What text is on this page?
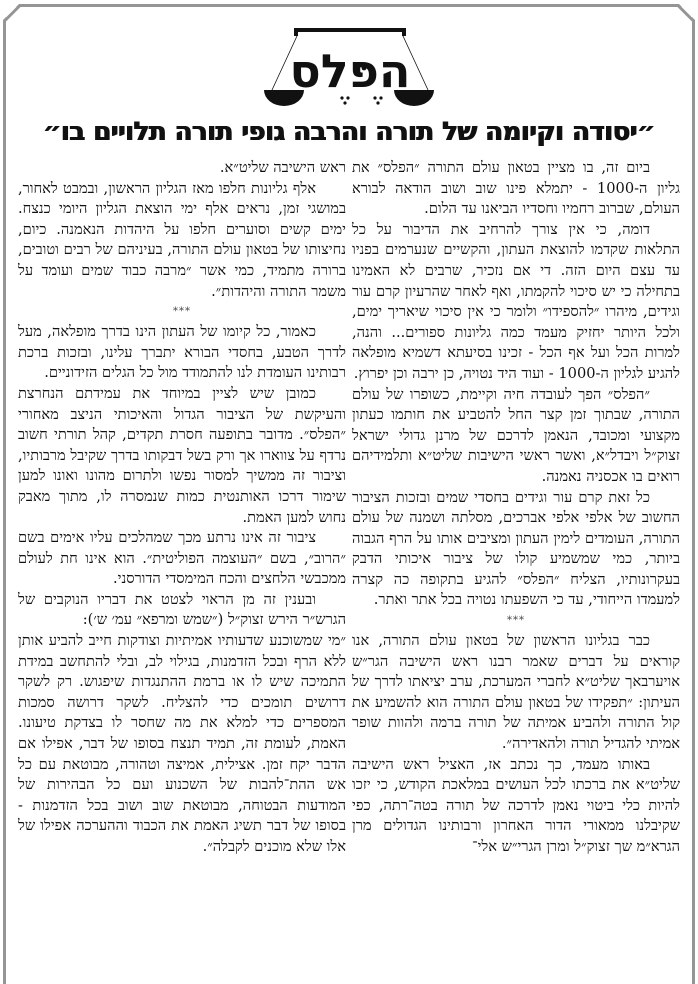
הפלס
״יסודה וקיומה של תורה והרבה גופי תורה תלויים בו״

ביום זה, בו מציין בטאון עולם התורה ״הפלס״ את גליון ה-1000 - יתמלא פינו שוב ושוב הודאה לבורא העולם, שברוב רחמיו וחסדיו הביאנו עד הלום.

דומה, כי אין צורך להרחיב את הדיבור על כל התלאות שקדמו להוצאת העתון, והקשיים שנערמים בפניו עד עצם היום הזה. די אם נזכיר, שרבים לא האמינו בתחילה כי יש סיכוי להקמתו, ואף לאחר שהרעיון קרם עור וגידים, מיהרו ״להספידו״ ולומר כי אין סיכוי שיאריך ימים, ולכל היותר יחזיק מעמד כמה גליונות ספורים... והנה, למרות הכל ועל אף הכל - זכינו בסיעתא דשמיא מופלאה להגיע לגליון ה-1000 - ועוד היד נטויה, כן ירבה וכן יפרוץ.

״הפלס״ הפך לעובדה חיה וקיימת, כשופרו של עולם התורה, שבתוך זמן קצר החל להטביע את חותמו כעתון מקצועי ומכובד, הנאמן לדרכם של מרנן גדולי ישראל זצוק״ל ויבדל״א, ואשר ראשי הישיבות שליט״א ותלמידיהם רואים בו אכסניה נאמנה.

כל זאת קרם עור וגידים בחסדי שמים ובזכות הציבור החשוב של אלפי אלפי אברכים, מסלתה ושמנה של עולם התורה, העומדים לימין העתון ומציבים אותו על הרף הגבוה ביותר, כמי שמשמיע קולו של ציבור איכותי הדבק בעקרונותיו, הצליח ״הפלס״ להגיע בתקופה כה קצרה למעמדו הייחודי, עד כי השפעתו נטויה בכל אתר ואתר.

***

כבר בגליונו הראשון של בטאון עולם התורה, אנו קוראים על דברים שאמר רבנו ראש הישיבה הגר״ש אויערבאך שליט״א לחברי המערכת, ערב יציאתו לדרך של העיתון: ״תפקידו של בטאון עולם התורה הוא להשמיע את קול התורה ולהביע אמיתה של תורה ברמה ולהוות שופר אמיתי להגדיל תורה ולהאדירה״.

באותו מעמד, כך נכתב אז, האציל ראש הישיבה שליט״א את ברכתו לכל העושים במלאכת הקודש, כי יזכו להיות כלי ביטוי נאמן לדרכה של תורה בטה־רתה, כפי שקיבלנו ממאורי הדור האחרון ורבותינו הגדולים מרן הגרא״מ שך זצוק״ל ומרן הגרי״ש אלי־

ראש הישיבה שליט״א.

אלף גליונות חלפו מאז הגליון הראשון, ובמבט לאחור, במושגי זמן, נראים אלף ימי הוצאת הגליון היומי כנצח. ימים קשים וסוערים חלפו על היהדות הנאמנה. כיום, נחיצותו של בטאון עולם התורה, בעיניהם של רבים וטובים, ברורה מתמיד, כמי אשר ״מרבה כבוד שמים ועומד על משמר התורה והיהדות״.

***

כאמור, כל קיומו של העתון הינו בדרך מופלאה, מעל לדרך הטבע, בחסדי הבורא יתברך עלינו, ובזכות ברכת רבותינו העומדת לנו להתמודד מול כל הגלים הזידוניים.

כמובן שיש לציין במיוחד את עמידתם הנחרצת והעיקשת של הציבור הגדול והאיכותי הניצב מאחורי ״הפלס״. מדובר בתופעה חסרת תקדים, קהל תורתי חשוב נרדף על צווארו אך ורק בשל דבקותו בדרך שקיבל מרבותיו, וציבור זה ממשיך למסור נפשו ולתרום מהונו ואונו למען שימור דרכו האותנטית כמות שנמסרה לו, מתוך מאבק נחוש למען האמת.

ציבור זה אינו נרתע מכך שמהלכים עליו אימים בשם ״הרוב״, בשם ״העוצמה הפוליטית״. הוא אינו חת לעולם ממכבשי הלחצים והכח המימסדי הדורסני.

ובענין זה מן הראוי לצטט את דבריו הנוקבים של הגרש״ר הירש זצוק״ל (״שמש ומרפא״ עמ׳ ש׳):

״מי שמשוכנע שדעותיו אמיתיות וצודקות חייב להביע אותן ללא הרף ובכל הזדמנות, בגילוי לב, ובלי להתחשב במידת התמיכה שיש לו או ברמת ההתנגדות שיפגוש. רק לשקר דרושים תומכים כדי להצליח. לשקר דרושה סמכות המספרים כדי למלא את מה שחסר לו בצדקת טיעונו. האמת, לעומת זה, תמיד תנצח בסופו של דבר, אפילו אם הדבר יקח זמן. אצילית, אמיצה וטהורה, מבוטאת עם כל אש ההת־להבות של השכנוע ועם כל הבהירות של המודעות הבטוחה, מבוטאת שוב ושוב בכל הזדמנות - בסופו של דבר תשיג האמת את הכבוד וההערכה אפילו של אלו שלא מוכנים לקבלה״.
